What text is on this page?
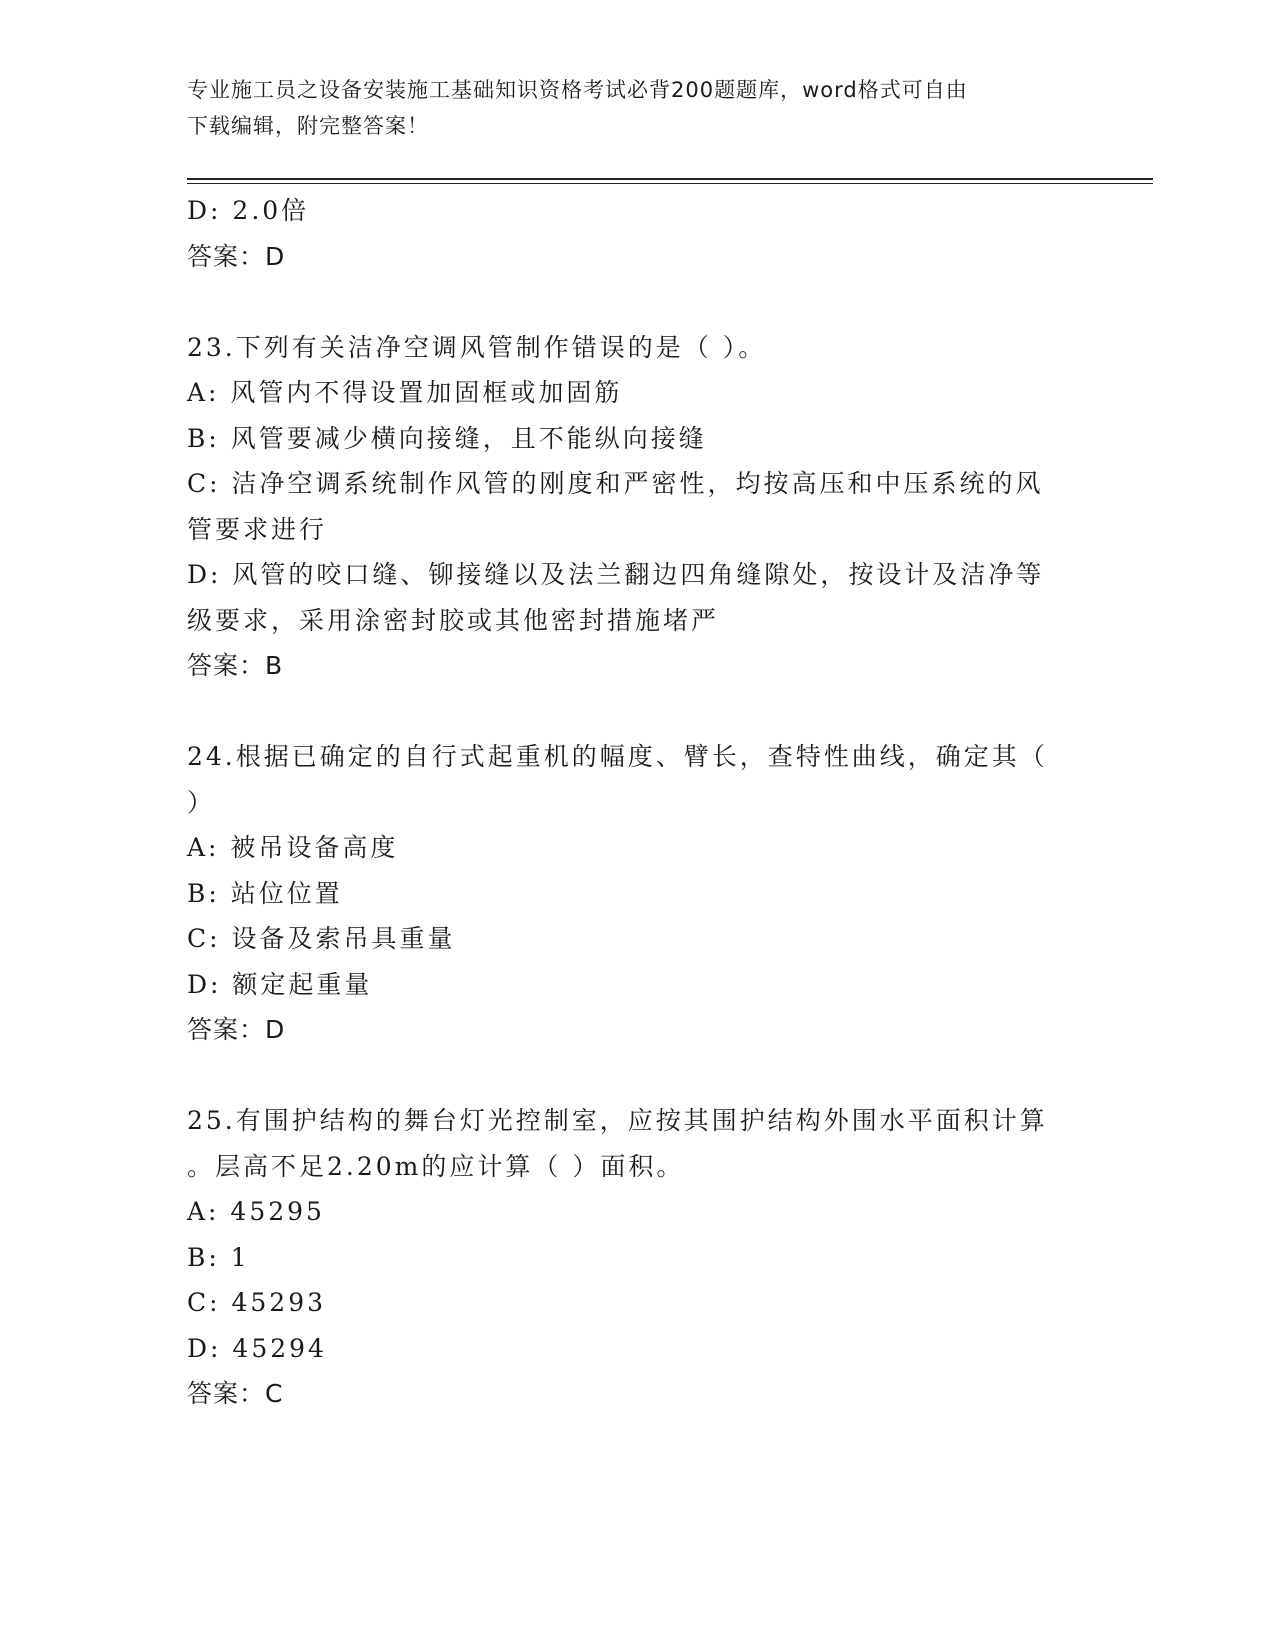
专业施工员之设备安装施工基础知识资格考试必背200题题库，word格式可自由
下载编辑，附完整答案！
D: 2.0倍
答案：D
23.下列有关洁净空调风管制作错误的是（ ）。
A: 风管内不得设置加固框或加固筋
B: 风管要减少横向接缝，且不能纵向接缝
C: 洁净空调系统制作风管的刚度和严密性，均按高压和中压系统的风
管要求进行
D: 风管的咬口缝、铆接缝以及法兰翻边四角缝隙处，按设计及洁净等
级要求，采用涂密封胶或其他密封措施堵严
答案：B
24.根据已确定的自行式起重机的幅度、臂长，查特性曲线，确定其（
）
A: 被吊设备高度
B: 站位位置
C: 设备及索吊具重量
D: 额定起重量
答案：D
25.有围护结构的舞台灯光控制室，应按其围护结构外围水平面积计算
。层高不足2.20m的应计算（ ）面积。
A: 45295
B: 1
C: 45293
D: 45294
答案：C
